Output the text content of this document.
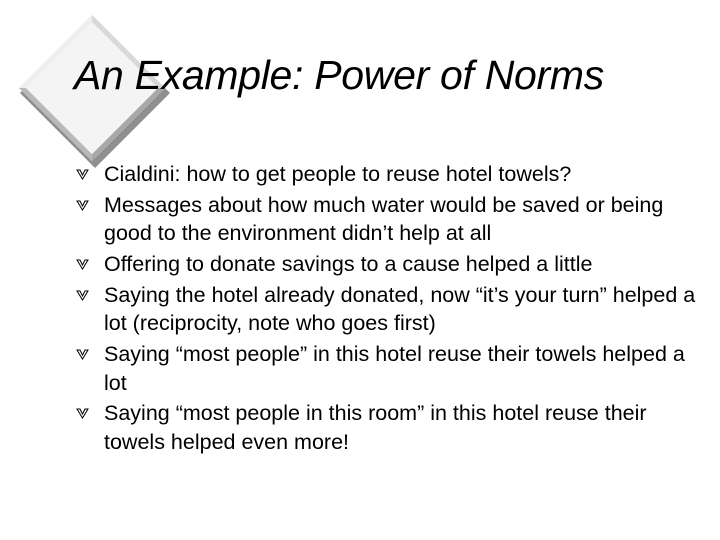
An Example: Power of Norms
Cialdini: how to get people to reuse hotel towels?
Messages about how much water would be saved or being good to the environment didn’t help at all
Offering to donate savings to a cause helped a little
Saying the hotel already donated, now “it’s your turn” helped a lot (reciprocity, note who goes first)
Saying “most people” in this hotel reuse their towels helped a lot
Saying “most people in this room” in this hotel reuse their towels helped even more!
